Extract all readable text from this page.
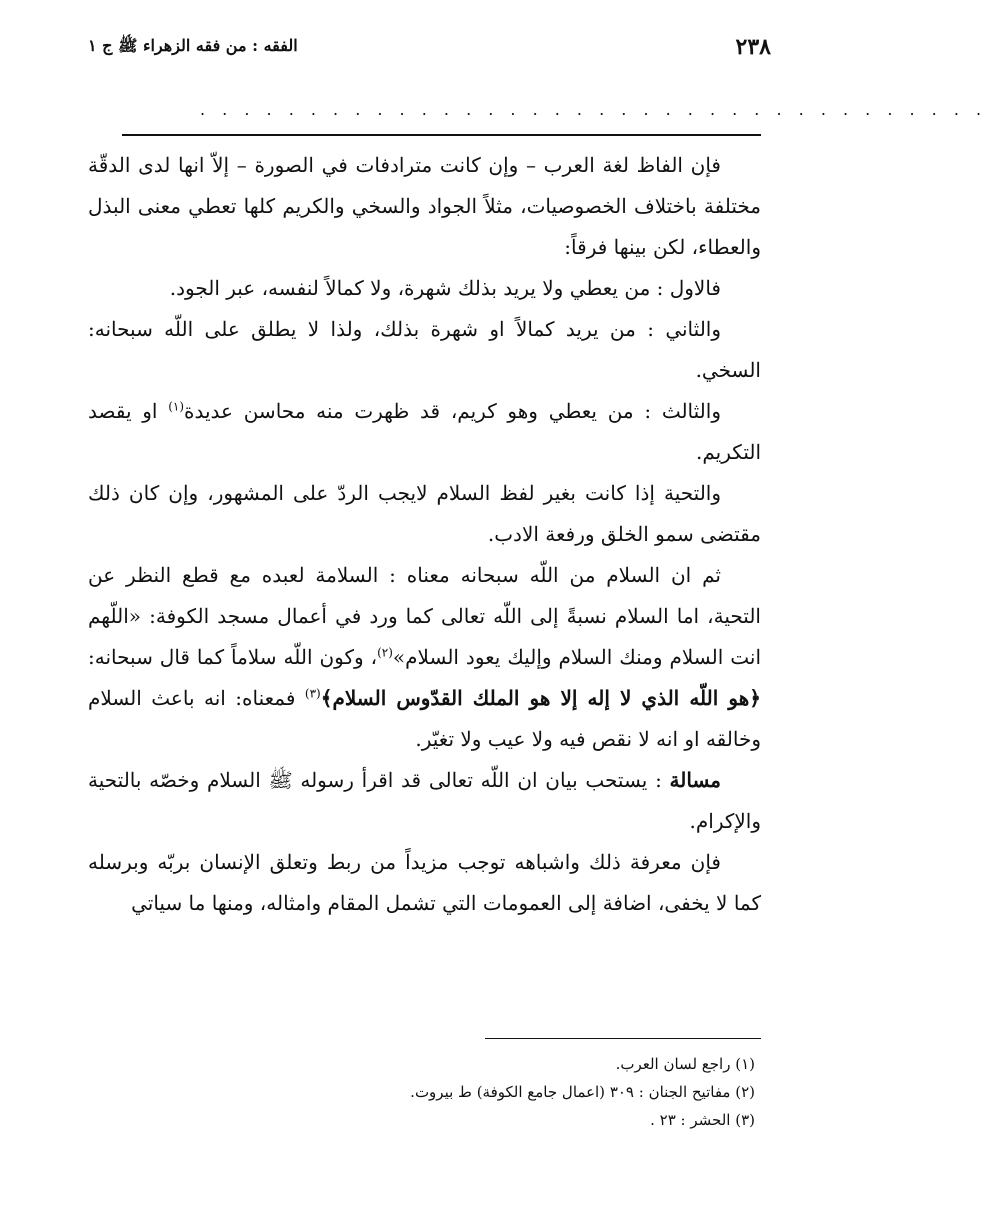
٢٣٨
الفقه : من فقه الزهراء ﷺ ج ١
. . . . . . . . . . . . . . . . . . . . . . . . . . . . . . . . . . . .

فإن الفاظ لغة العرب – وإن كانت مترادفات في الصورة – إلاّ انها لدى الدقّة مختلفة باختلاف الخصوصيات، مثلاً الجواد والسخي والكريم كلها تعطي معنى البذل والعطاء، لكن بينها فرقاً:

فالاول : من يعطي ولا يريد بذلك شهرة، ولا كمالاً لنفسه، عبر الجود.

والثاني : من يريد كمالاً او شهرة بذلك، ولذا لا يطلق على اللّه سبحانه: السخي.

والثالث : من يعطي وهو كريم، قد ظهرت منه محاسن عديدة$^{(١)}$ او يقصد التكريم.

والتحية إذا كانت بغير لفظ السلام لايجب الردّ على المشهور، وإن كان ذلك مقتضى سمو الخلق ورفعة الادب.

ثم ان السلام من اللّه سبحانه معناه : السلامة لعبده مع قطع النظر عن التحية، اما السلام نسبةً إلى اللّه تعالى كما ورد في أعمال مسجد الكوفة: «اللّهم انت السلام ومنك السلام وإليك يعود السلام»$^{(٢)}$، وكون اللّه سلاماً كما قال سبحانه: ﴿هو اللّه الذي لا إله إلا هو الملك القدّوس السلام﴾$^{(٣)}$ فمعناه: انه باعث السلام وخالقه او انه لا نقص فيه ولا عيب ولا تغيّر.

مسالة : يستحب بيان ان اللّه تعالى قد اقرأ رسوله ﷺ السلام وخصّه بالتحية والإكرام.

فإن معرفة ذلك واشباهه توجب مزيداً من ربط وتعلق الإنسان بربّه وبرسله كما لا يخفى، اضافة إلى العمومات التي تشمل المقام وامثاله، ومنها ما سياتي

(١) راجع لسان العرب.
(٢) مفاتيح الجنان : ٣٠٩ (اعمال جامع الكوفة) ط بيروت.
(٣) الحشر : ٢٣ .
